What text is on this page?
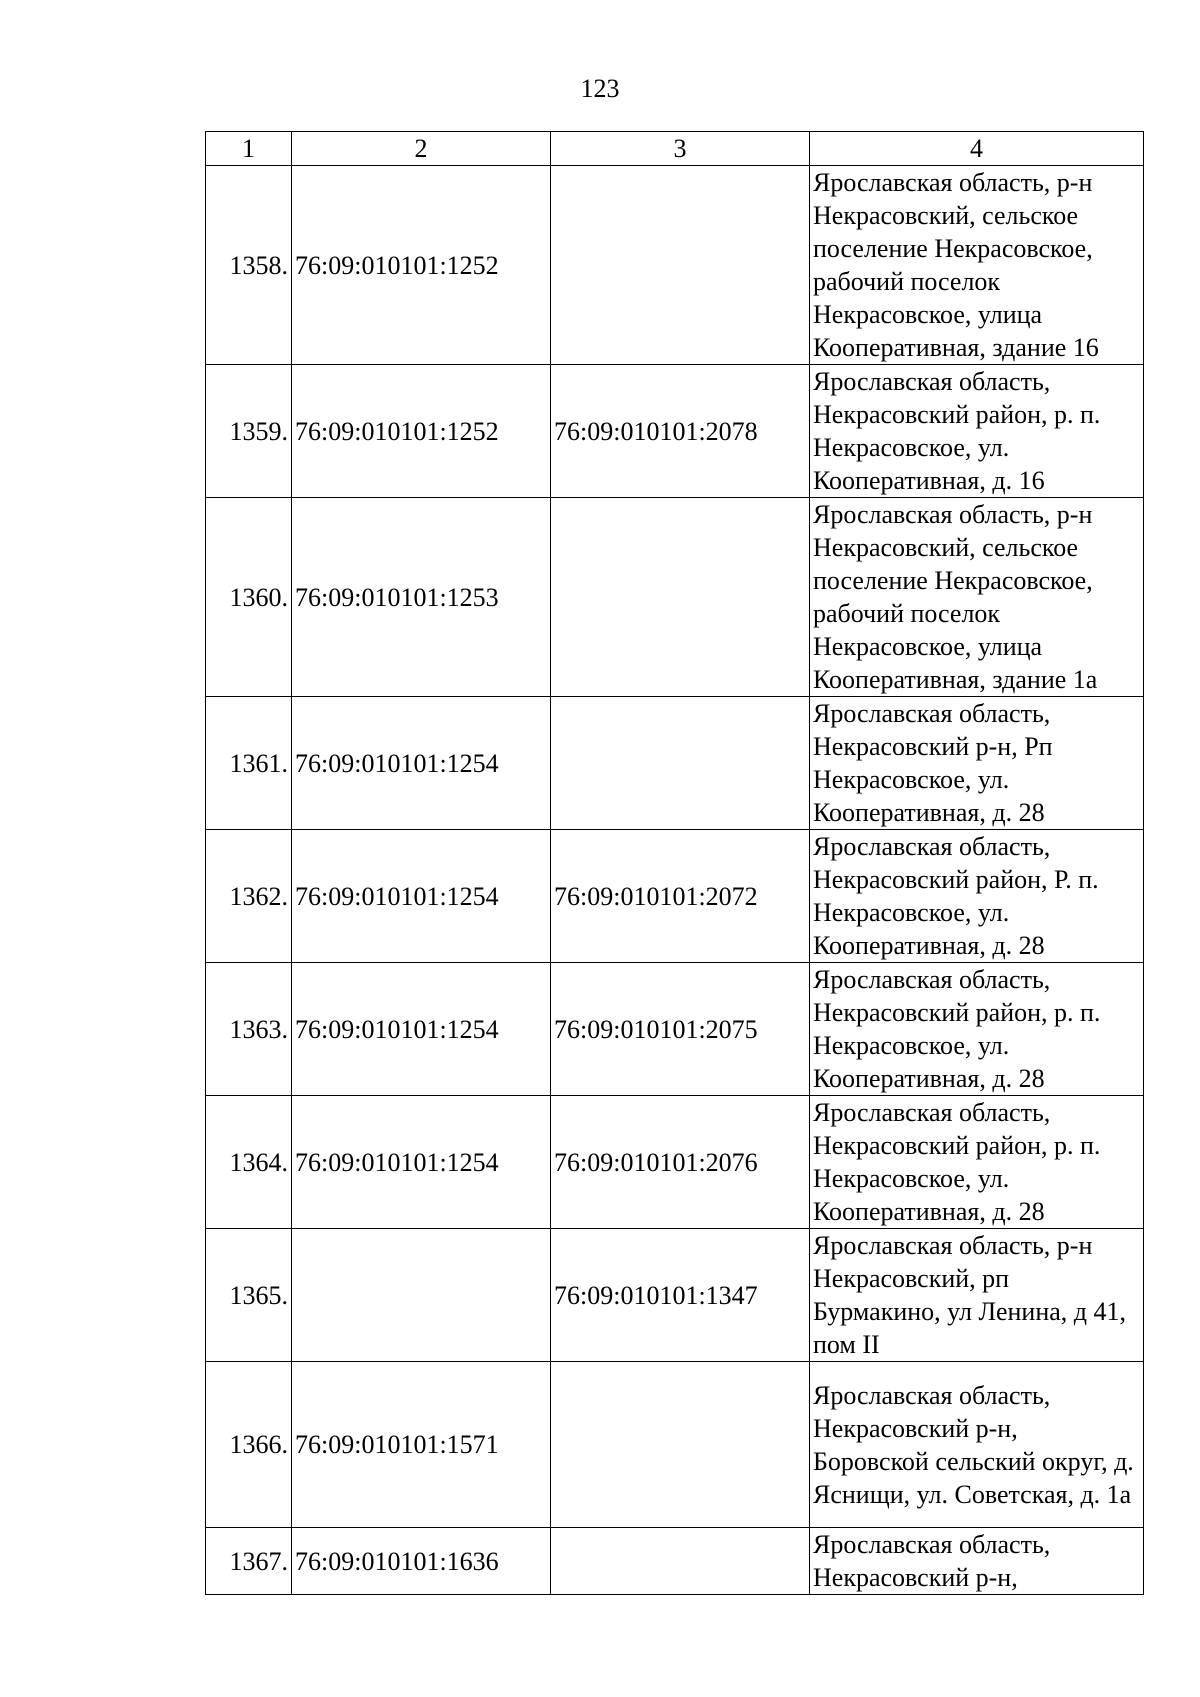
123
1	2	3	4
1358.	76:09:010101:1252		Ярославская область, р-н Некрасовский, сельское поселение Некрасовское, рабочий поселок Некрасовское, улица Кооперативная, здание 16
1359.	76:09:010101:1252	76:09:010101:2078	Ярославская область, Некрасовский район, р. п. Некрасовское, ул. Кооперативная, д. 16
1360.	76:09:010101:1253		Ярославская область, р-н Некрасовский, сельское поселение Некрасовское, рабочий поселок Некрасовское, улица Кооперативная, здание 1а
1361.	76:09:010101:1254		Ярославская область, Некрасовский р-н, Рп Некрасовское, ул. Кооперативная, д. 28
1362.	76:09:010101:1254	76:09:010101:2072	Ярославская область, Некрасовский район, Р. п. Некрасовское, ул. Кооперативная, д. 28
1363.	76:09:010101:1254	76:09:010101:2075	Ярославская область, Некрасовский район, р. п. Некрасовское, ул. Кооперативная, д. 28
1364.	76:09:010101:1254	76:09:010101:2076	Ярославская область, Некрасовский район, р. п. Некрасовское, ул. Кооперативная, д. 28
1365.		76:09:010101:1347	Ярославская область, р-н Некрасовский, рп Бурмакино, ул Ленина, д 41, пом II
1366.	76:09:010101:1571		Ярославская область, Некрасовский р-н, Боровской сельский округ, д. Яснищи, ул. Советская, д. 1а
1367.	76:09:010101:1636		Ярославская область, Некрасовский р-н,
